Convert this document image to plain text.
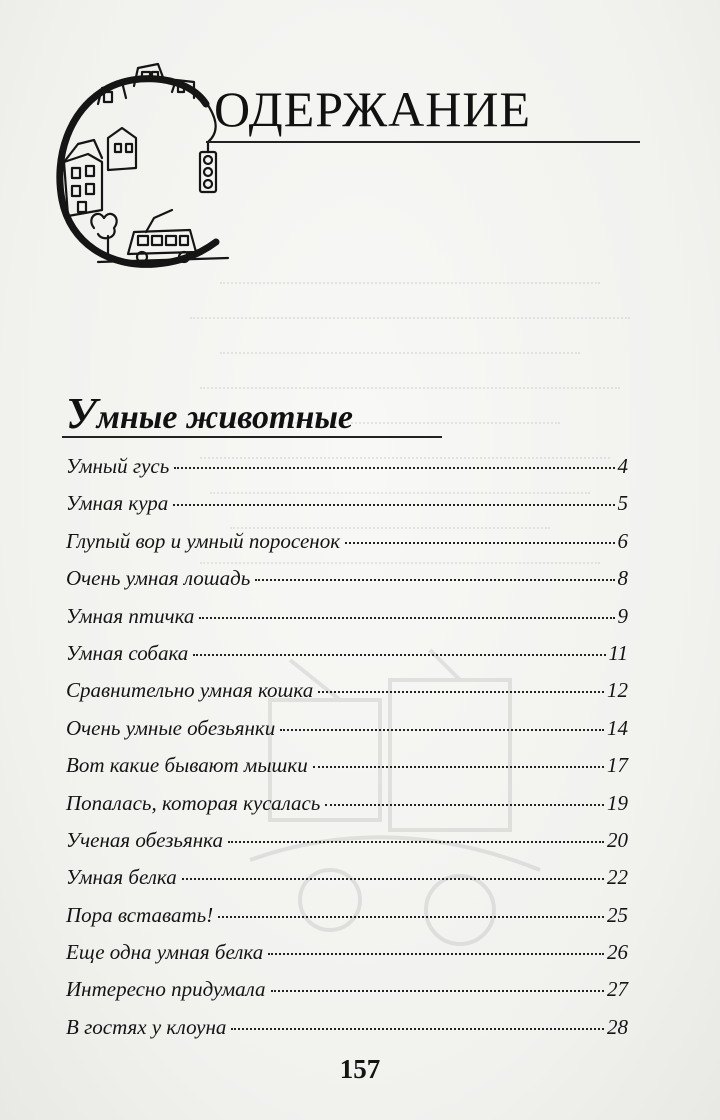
ОДЕРЖАНИЕ
Умные животные
Умный гусь	4
Умная кура	5
Глупый вор и умный поросенок	6
Очень умная лошадь	8
Умная птичка	9
Умная собака	11
Сравнительно умная кошка	12
Очень умные обезьянки	14
Вот какие бывают мышки	17
Попалась, которая кусалась	19
Ученая обезьянка	20
Умная белка	22
Пора вставать!	25
Еще одна умная белка	26
Интересно придумала	27
В гостях у клоуна	28
157
